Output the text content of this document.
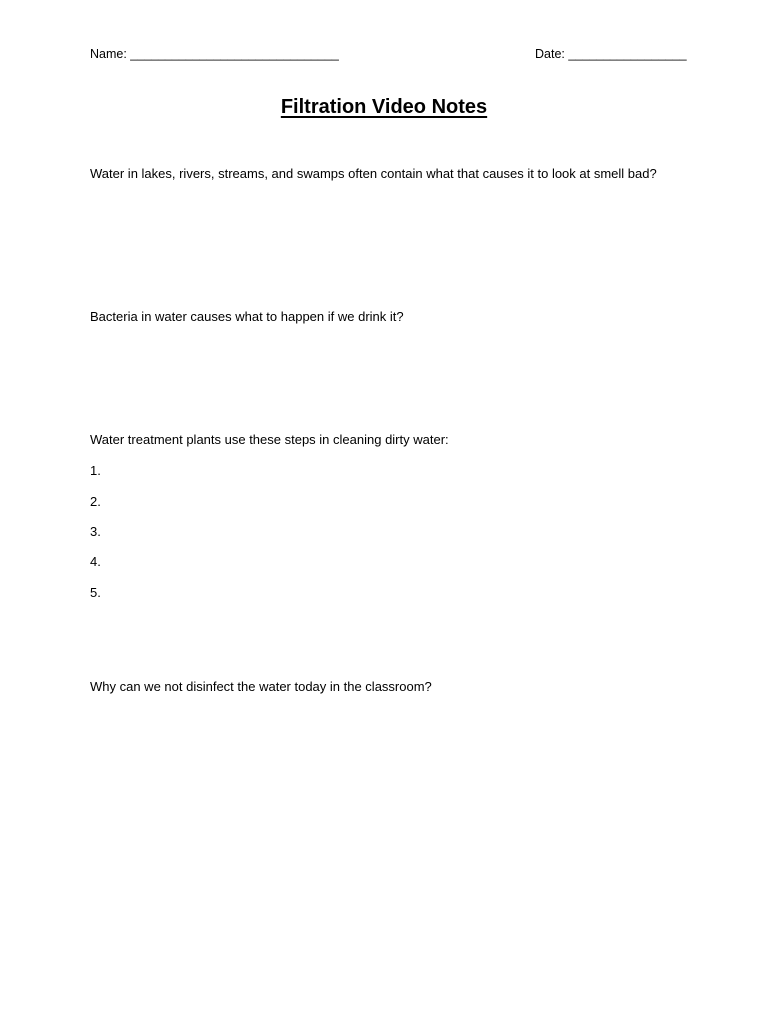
Name: ______________________________	Date: _________________
Filtration Video Notes
Water in lakes, rivers, streams, and swamps often contain what that causes it to look at smell bad?
Bacteria in water causes what to happen if we drink it?
Water treatment plants use these steps in cleaning dirty water:
1.
2.
3.
4.
5.
Why can we not disinfect the water today in the classroom?
